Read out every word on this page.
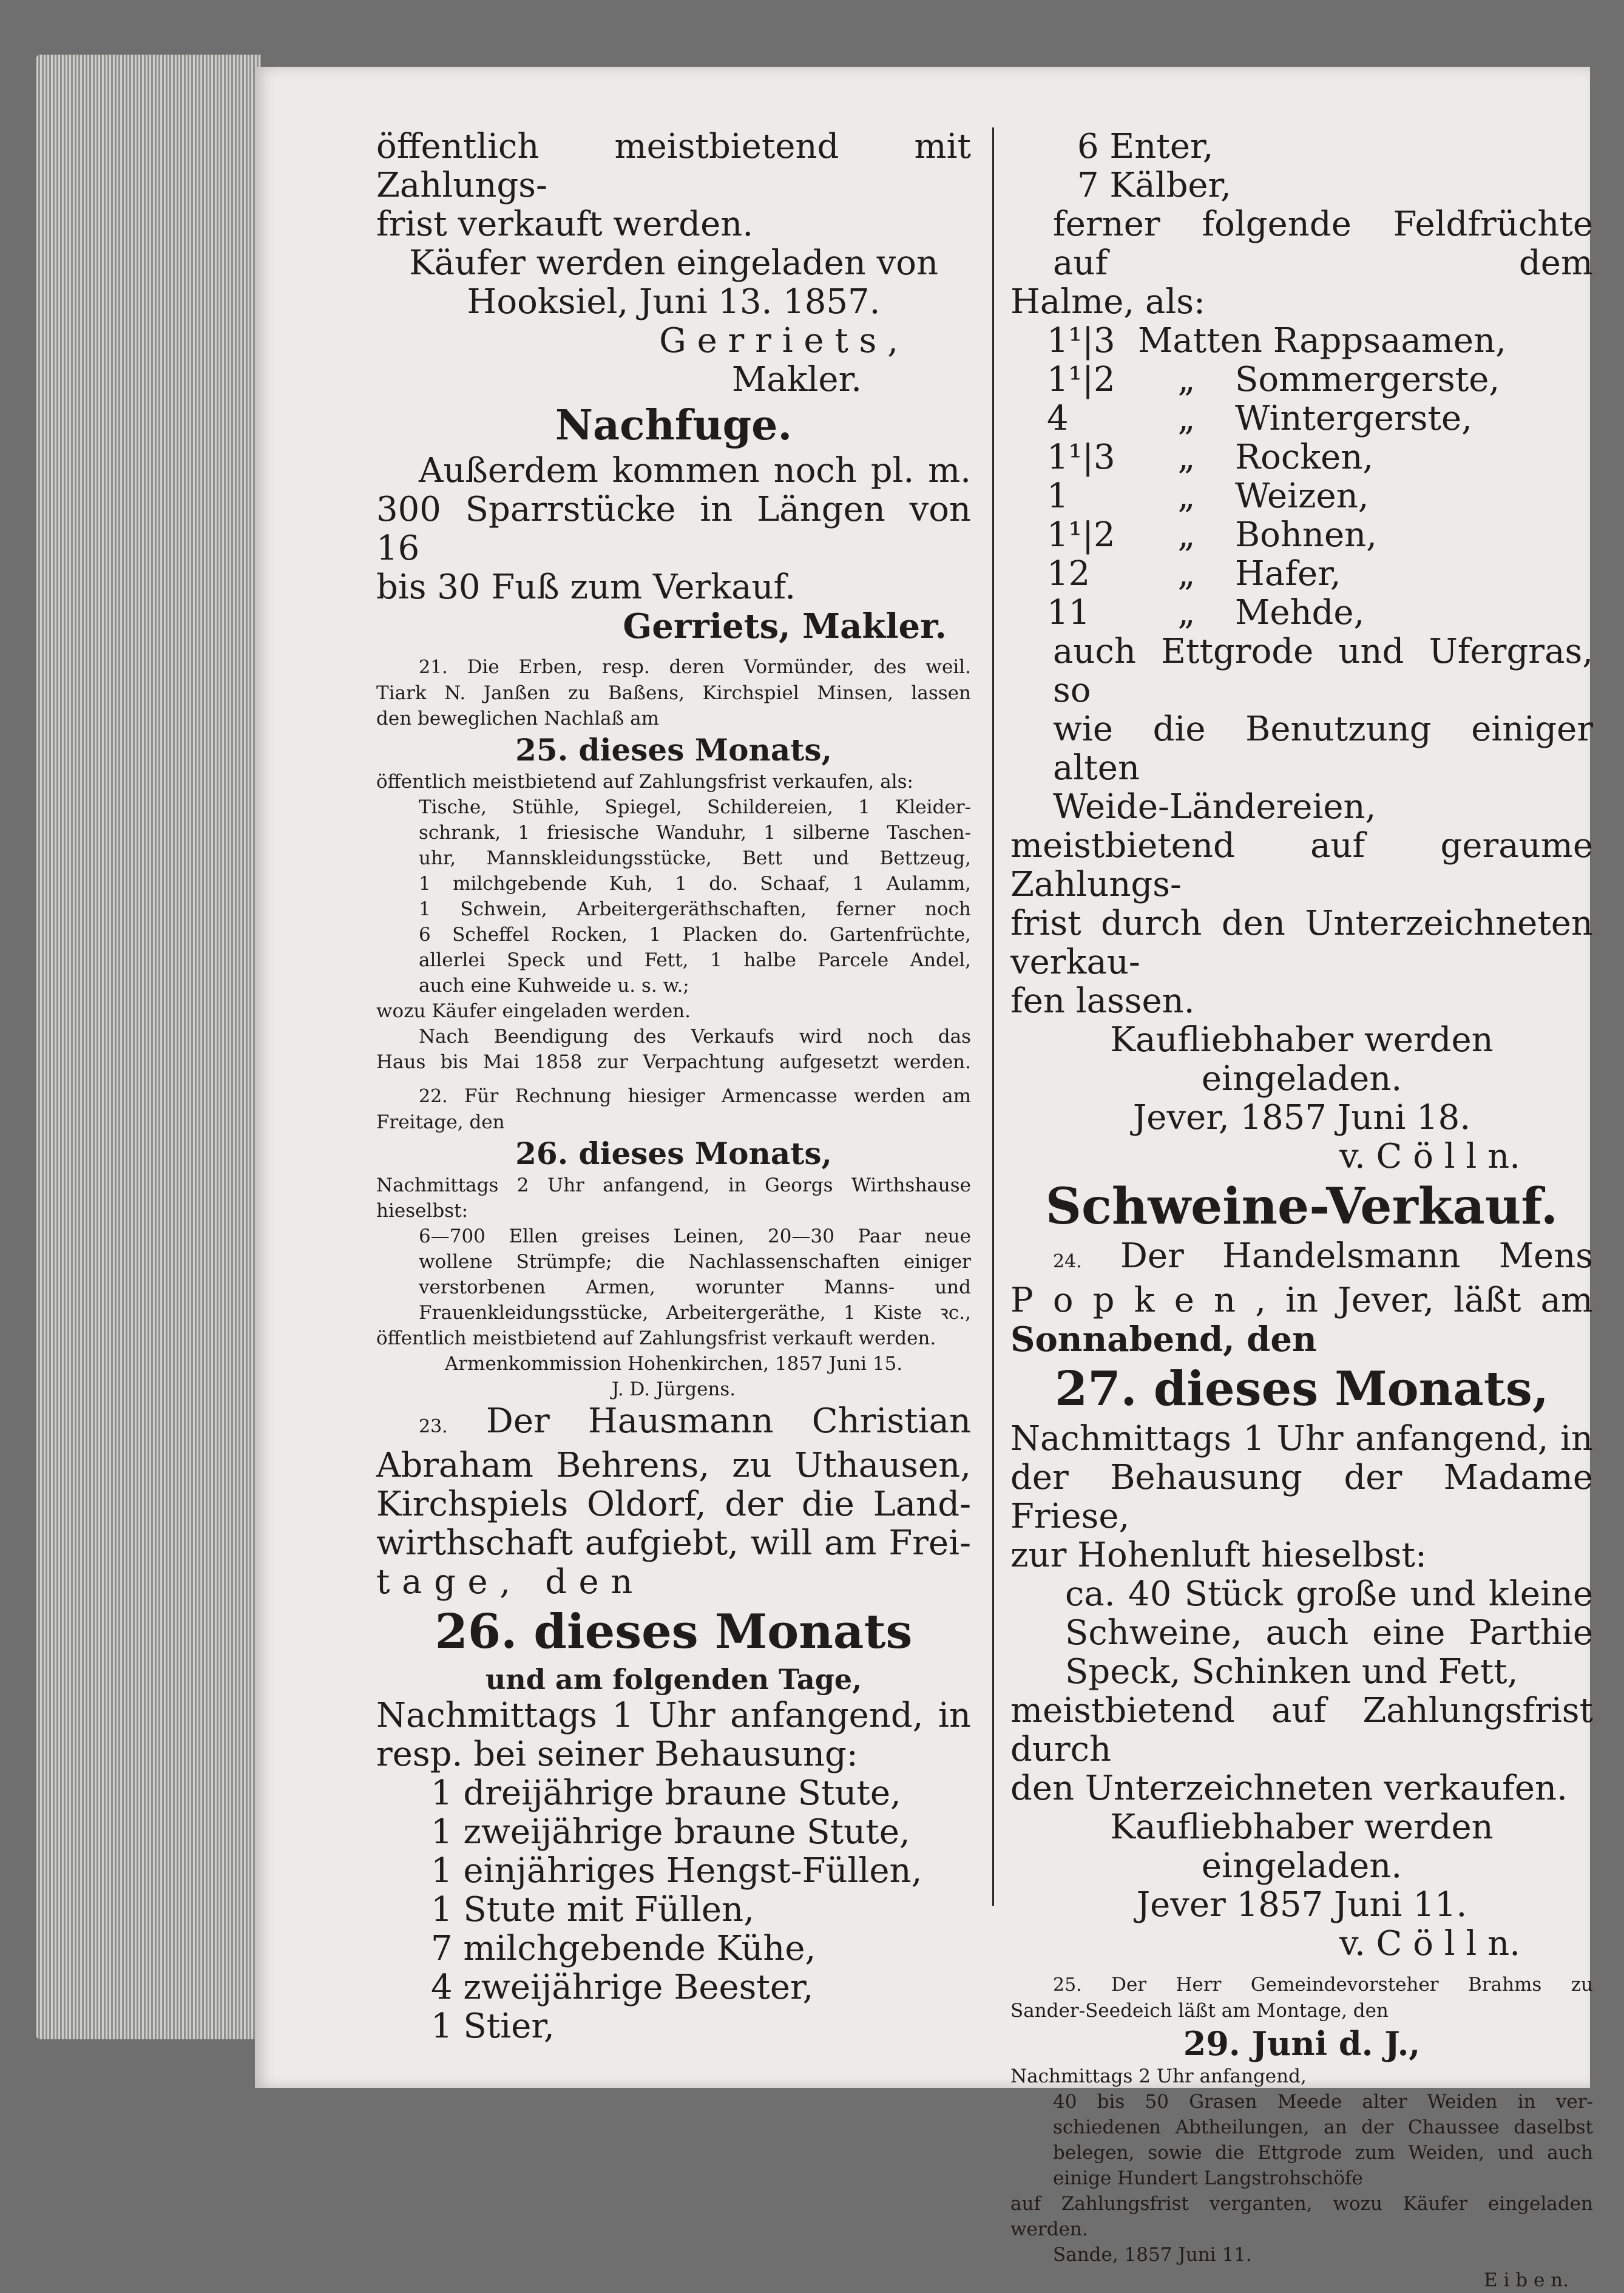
öffentlich meistbietend mit Zahlungs-

frist verkauft werden.

Käufer werden eingeladen von

Hooksiel, Juni 13. 1857.

G e r r i e t s ,

Makler.

Nachfuge.

Außerdem kommen noch pl. m.

300 Sparrstücke in Längen von 16

bis 30 Fuß zum Verkauf.

Gerriets, Makler.

21. Die Erben, resp. deren Vormünder, des weil.

Tiark N. Janßen zu Baßens, Kirchspiel Minsen, lassen

den beweglichen Nachlaß am

25. dieses Monats,

öffentlich meistbietend auf Zahlungsfrist verkaufen, als:

Tische, Stühle, Spiegel, Schildereien, 1 Kleider-

schrank, 1 friesische Wanduhr, 1 silberne Taschen-

uhr, Mannskleidungsstücke, Bett und Bettzeug,

1 milchgebende Kuh, 1 do. Schaaf, 1 Aulamm,

1 Schwein, Arbeitergeräthschaften, ferner noch

6 Scheffel Rocken, 1 Placken do. Gartenfrüchte,

allerlei Speck und Fett, 1 halbe Parcele Andel,

auch eine Kuhweide u. s. w.;

wozu Käufer eingeladen werden.

Nach Beendigung des Verkaufs wird noch das

Haus bis Mai 1858 zur Verpachtung aufgesetzt werden.

22. Für Rechnung hiesiger Armencasse werden am

Freitage, den

26. dieses Monats,

Nachmittags 2 Uhr anfangend, in Georgs Wirthshause

hieselbst:

6—700 Ellen greises Leinen, 20—30 Paar neue

wollene Strümpfe; die Nachlassenschaften einiger

verstorbenen Armen, worunter Manns- und

Frauenkleidungsstücke, Arbeitergeräthe, 1 Kiste ꝛc.,

öffentlich meistbietend auf Zahlungsfrist verkauft werden.

Armenkommission Hohenkirchen, 1857 Juni 15.

J. D. Jürgens.

23. Der Hausmann Christian

Abraham Behrens, zu Uthausen,

Kirchspiels Oldorf, der die Land-

wirthschaft aufgiebt, will am Frei-

tage, den

26. dieses Monats

und am folgenden Tage,

Nachmittags 1 Uhr anfangend, in

resp. bei seiner Behausung:

1 dreijährige braune Stute,

1 zweijährige braune Stute,

1 einjähriges Hengst-Füllen,

1 Stute mit Füllen,

7 milchgebende Kühe,

4 zweijährige Beester,

1 Stier,

6 Enter,

7 Kälber,

ferner folgende Feldfrüchte auf dem

Halme, als:

1¹|3 Matten Rappsaamen,
1¹|2	„	Sommergerste,
4	„	Wintergerste,
1¹|3	„	Rocken,
1	„	Weizen,
1¹|2	„	Bohnen,
12	„	Hafer,
11	„	Mehde,

auch Ettgrode und Ufergras, so

wie die Benutzung einiger alten

Weide-Ländereien,

meistbietend auf geraume Zahlungs-

frist durch den Unterzeichneten verkau-

fen lassen.

Kaufliebhaber werden eingeladen.

Jever, 1857 Juni 18.

v. C ö l l n.

Schweine-Verkauf.

24. Der Handelsmann Mens

P o p k e n , in Jever, läßt am

Sonnabend, den

27. dieses Monats,

Nachmittags 1 Uhr anfangend, in

der Behausung der Madame Friese,

zur Hohenluft hieselbst:

ca. 40 Stück große und kleine

Schweine, auch eine Parthie

Speck, Schinken und Fett,

meistbietend auf Zahlungsfrist durch

den Unterzeichneten verkaufen.

Kaufliebhaber werden eingeladen.

Jever 1857 Juni 11.

v. C ö l l n.

25. Der Herr Gemeindevorsteher Brahms zu

Sander-Seedeich läßt am Montage, den

29. Juni d. J.,

Nachmittags 2 Uhr anfangend,

40 bis 50 Grasen Meede alter Weiden in ver-

schiedenen Abtheilungen, an der Chaussee daselbst

belegen, sowie die Ettgrode zum Weiden, und auch

einige Hundert Langstrohschöfe

auf Zahlungsfrist verganten, wozu Käufer eingeladen

werden.

Sande, 1857 Juni 11.

E i b e n.
